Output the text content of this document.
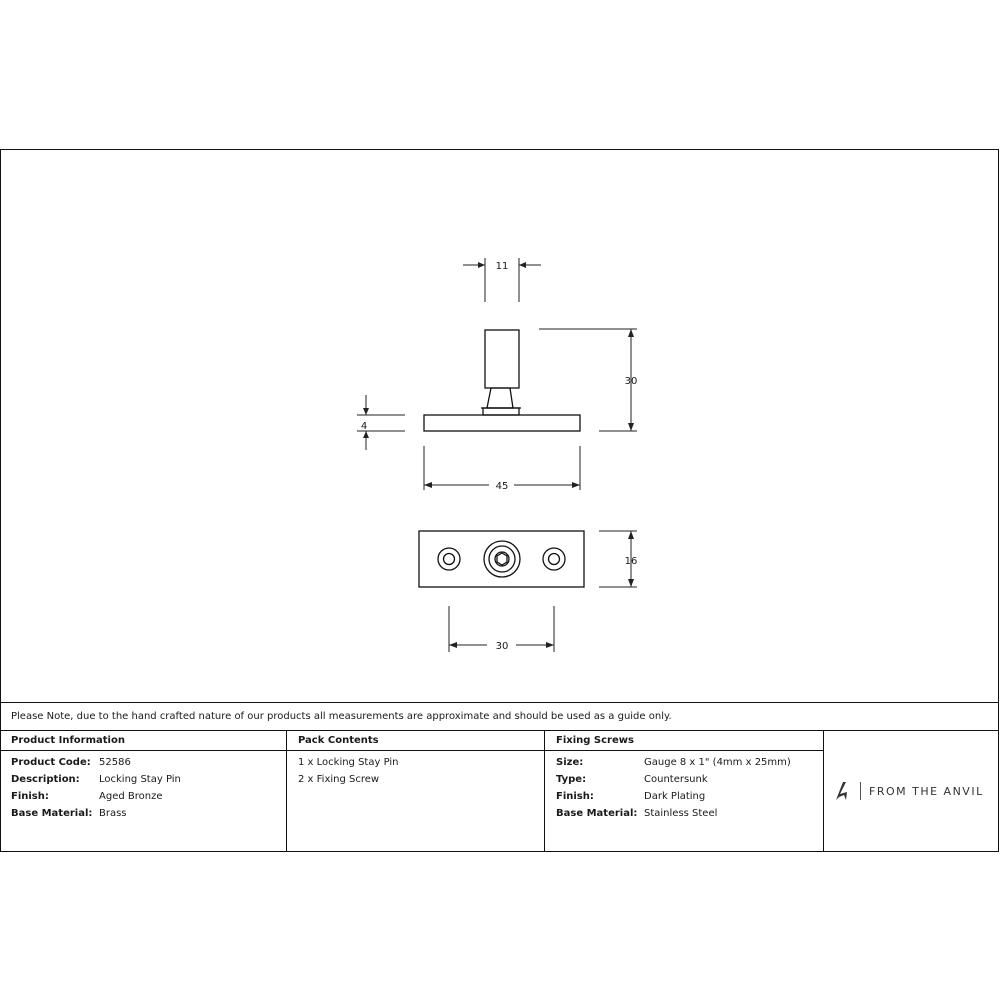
11
30
4
45
16
30
Please Note, due to the hand crafted nature of our products all measurements are approximate and should be used as a guide only.
Product Information
Product Code: 52586
Description: Locking Stay Pin
Finish:	Aged Bronze
Base Material: Brass
Pack Contents
1 x Locking Stay Pin
2 x Fixing Screw
Fixing Screws
Size:	Gauge 8 x 1" (4mm x 25mm)
Type:	Countersunk
Finish:	Dark Plating
Base Material: Stainless Steel
FROM THE ANVIL
